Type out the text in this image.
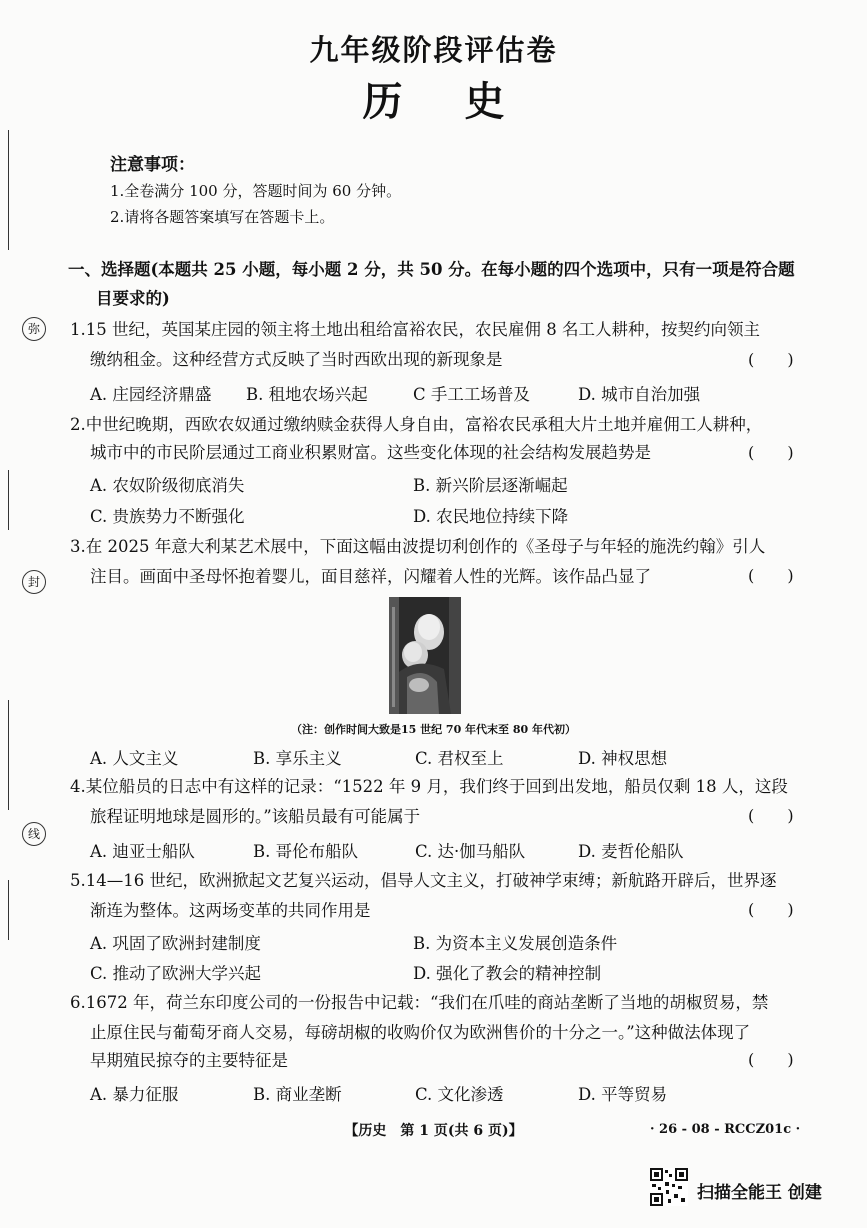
弥
封
线
九年级阶段评估卷
历 史
注意事项：
1.全卷满分 100 分，答题时间为 60 分钟。
2.请将各题答案填写在答题卡上。
一、选择题(本题共 25 小题，每小题 2 分，共 50 分。在每小题的四个选项中，只有一项是符合题
目要求的)
1.15 世纪，英国某庄园的领主将土地出租给富裕农民，农民雇佣 8 名工人耕种，按契约向领主
缴纳租金。这种经营方式反映了当时西欧出现的新现象是	( )
A. 庄园经济鼎盛 B. 租地农场兴起	C 手工工场普及	D. 城市自治加强
2.中世纪晚期，西欧农奴通过缴纳赎金获得人身自由，富裕农民承租大片土地并雇佣工人耕种，
城市中的市民阶层通过工商业积累财富。这些变化体现的社会结构发展趋势是	( )
A. 农奴阶级彻底消失	B. 新兴阶层逐渐崛起
C. 贵族势力不断强化	D. 农民地位持续下降
3.在 2025 年意大利某艺术展中，下面这幅由波提切利创作的《圣母子与年轻的施洗约翰》引人
注目。画面中圣母怀抱着婴儿，面目慈祥，闪耀着人性的光辉。该作品凸显了	( )
（注：创作时间大致是15 世纪 70 年代末至 80 年代初）
A. 人文主义	B. 享乐主义	C. 君权至上	D. 神权思想
4.某位船员的日志中有这样的记录：“1522 年 9 月，我们终于回到出发地，船员仅剩 18 人，这段
旅程证明地球是圆形的。”该船员最有可能属于	( )
A. 迪亚士船队	B. 哥伦布船队	C. 达·伽马船队	D. 麦哲伦船队
5.14—16 世纪，欧洲掀起文艺复兴运动，倡导人文主义，打破神学束缚；新航路开辟后，世界逐
渐连为整体。这两场变革的共同作用是	( )
A. 巩固了欧洲封建制度	B. 为资本主义发展创造条件
C. 推动了欧洲大学兴起	D. 强化了教会的精神控制
6.1672 年，荷兰东印度公司的一份报告中记载：“我们在爪哇的商站垄断了当地的胡椒贸易，禁
止原住民与葡萄牙商人交易，每磅胡椒的收购价仅为欧洲售价的十分之一。”这种做法体现了
早期殖民掠夺的主要特征是	( )
A. 暴力征服	B. 商业垄断	C. 文化渗透	D. 平等贸易
【历史　第 1 页(共 6 页)】	· 26 - 08 - RCCZ01c ·
扫描全能王 创建
